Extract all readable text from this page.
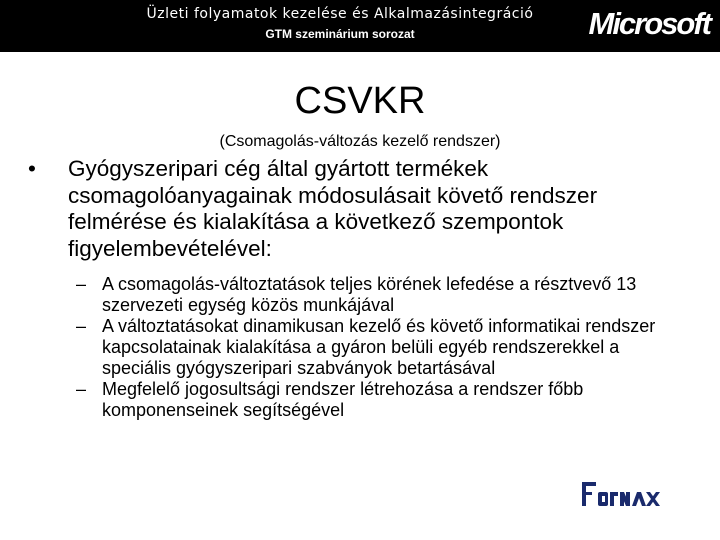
Üzleti folyamatok kezelése és Alkalmazásintegráció
GTM szeminárium sorozat	Microsoft
CSVKR
(Csomagolás-változás kezelő rendszer)
•	Gyógyszeripari cég által gyártott termékek csomagolóanyagainak módosulásait követő rendszer felmérése és kialakítása a következő szempontok figyelembevételével:
– A csomagolás-változtatások teljes körének lefedése a résztvevő 13 szervezeti egység közös munkájával
– A változtatásokat dinamikusan kezelő és követő informatikai rendszer kapcsolatainak kialakítása a gyáron belüli egyéb rendszerekkel a speciális gyógyszeripari szabványok betartásával
– Megfelelő jogosultsági rendszer létrehozása a rendszer főbb komponenseinek segítségével
